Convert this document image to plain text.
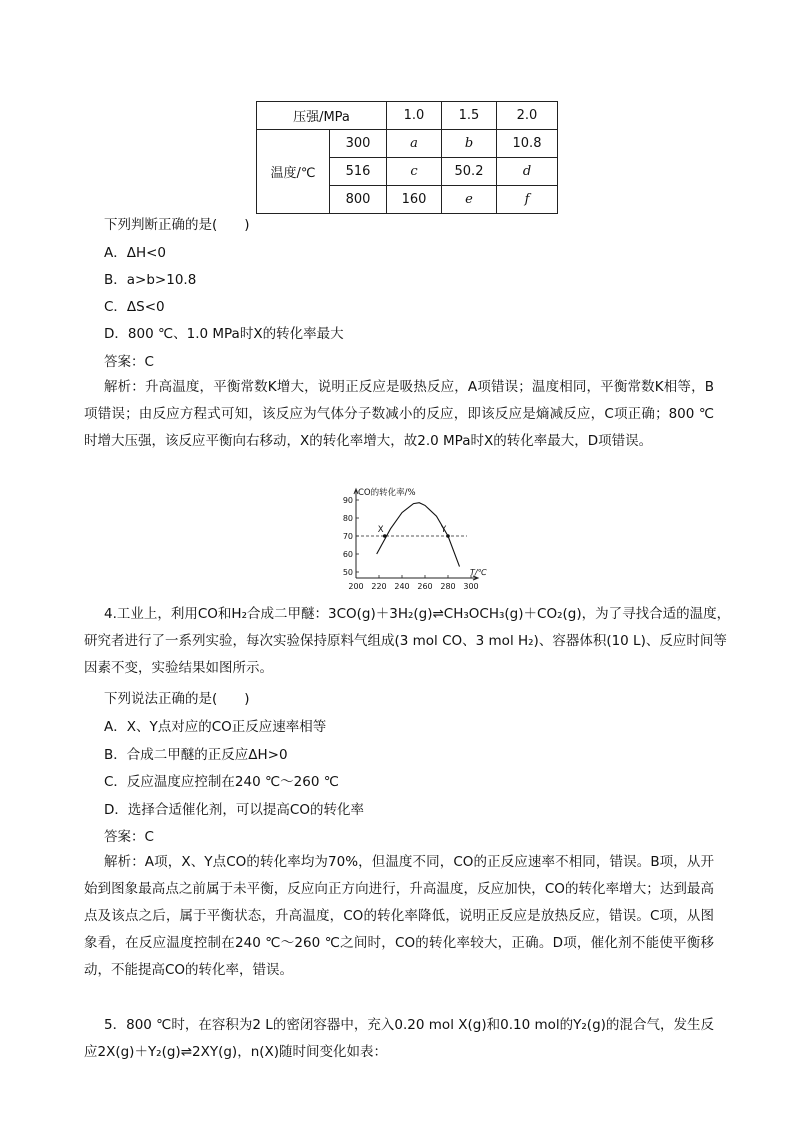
压强/MPa		1.0	1.5	2.0
温度/℃	300	a	b	10.8
	516	c	50.2	d
	800	160	e	f
下列判断正确的是(　　)
A．ΔH<0
B．a>b>10.8
C．ΔS<0
D．800 ℃、1.0 MPa时X的转化率最大
答案：C

解析：升高温度，平衡常数K增大，说明正反应是吸热反应，A项错误；温度相同，平衡常数K相等，B项错误；由反应方程式可知，该反应为气体分子数减小的反应，即该反应是熵减反应，C项正确；800 ℃时增大压强，该反应平衡向右移动，X的转化率增大，故2.0 MPa时X的转化率最大，D项错误。

CO的转化率/%
50
60
70
80
90
200 220 240 260 280 300
T/℃
X	Y

4.工业上，利用CO和H₂合成二甲醚：3CO(g)＋3H₂(g)⇌CH₃OCH₃(g)＋CO₂(g)，为了寻找合适的温度，

研究者进行了一系列实验，每次实验保持原料气组成(3 mol CO、3 mol H₂)、容器体积(10 L)、反应时间等

因素不变，实验结果如图所示。

下列说法正确的是(　　)
A．X、Y点对应的CO正反应速率相等
B．合成二甲醚的正反应ΔH>0
C．反应温度应控制在240 ℃～260 ℃
D．选择合适催化剂，可以提高CO的转化率
答案：C

解析：A项，X、Y点CO的转化率均为70%，但温度不同，CO的正反应速率不相同，错误。B项，从开始到图象最高点之前属于未平衡，反应向正方向进行，升高温度，反应加快，CO的转化率增大；达到最高点及该点之后，属于平衡状态，升高温度，CO的转化率降低，说明正反应是放热反应，错误。C项，从图象看，在反应温度控制在240 ℃～260 ℃之间时，CO的转化率较大，正确。D项，催化剂不能使平衡移动，不能提高CO的转化率，错误。

5．800 ℃时，在容积为2 L的密闭容器中，充入0.20 mol X(g)和0.10 mol的Y₂(g)的混合气，发生反应2X(g)＋Y₂(g)⇌2XY(g)，n(X)随时间变化如表：
